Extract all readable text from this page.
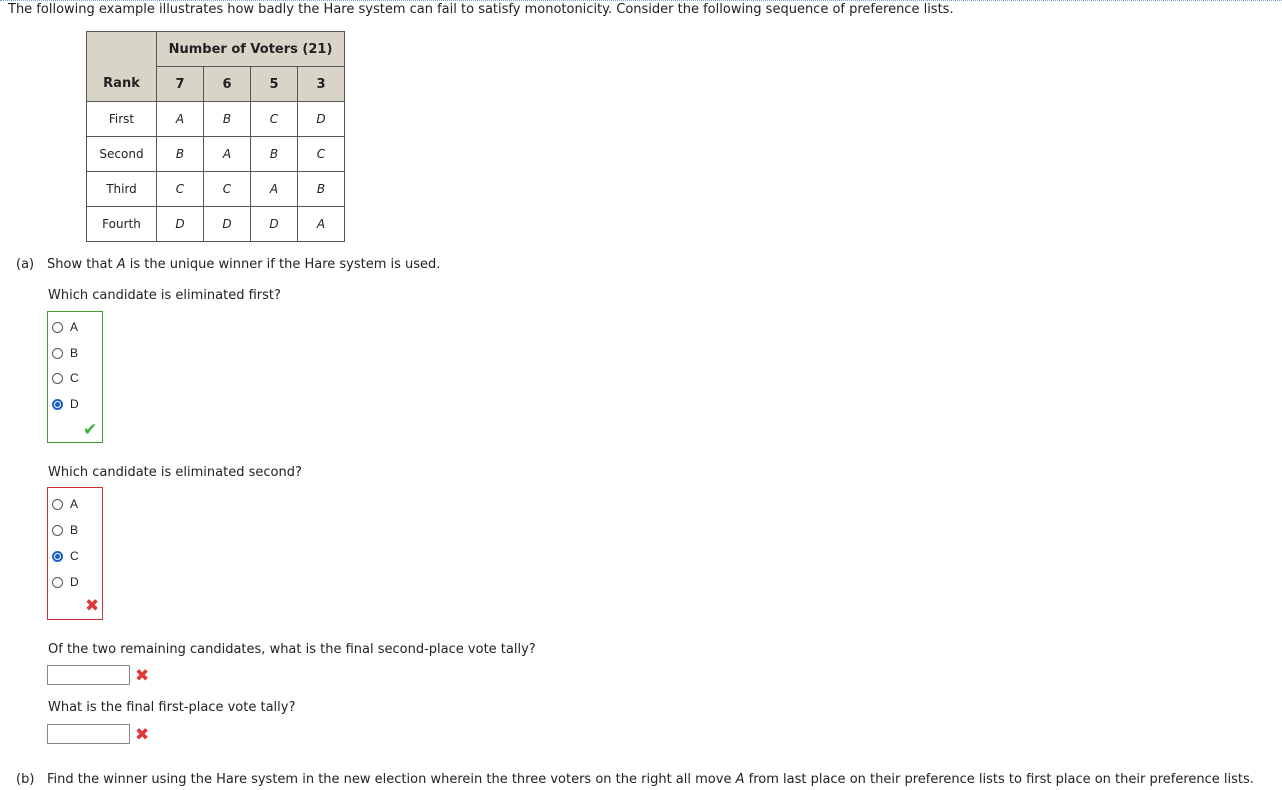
The following example illustrates how badly the Hare system can fail to satisfy monotonicity. Consider the following sequence of preference lists.
	Number of Voters (21)			
Rank	7	6	5	3
First	A	B	C	D
Second	B	A	B	C
Third	C	C	A	B
Fourth	D	D	D	A
(a) Show that A is the unique winner if the Hare system is used.
Which candidate is eliminated first?
A
B
C
D
✔
Which candidate is eliminated second?
A
B
C
D
✖
Of the two remaining candidates, what is the final second-place vote tally?
✖
What is the final first-place vote tally?
✖
(b) Find the winner using the Hare system in the new election wherein the three voters on the right all move A from last place on their preference lists to first place on their preference lists.
